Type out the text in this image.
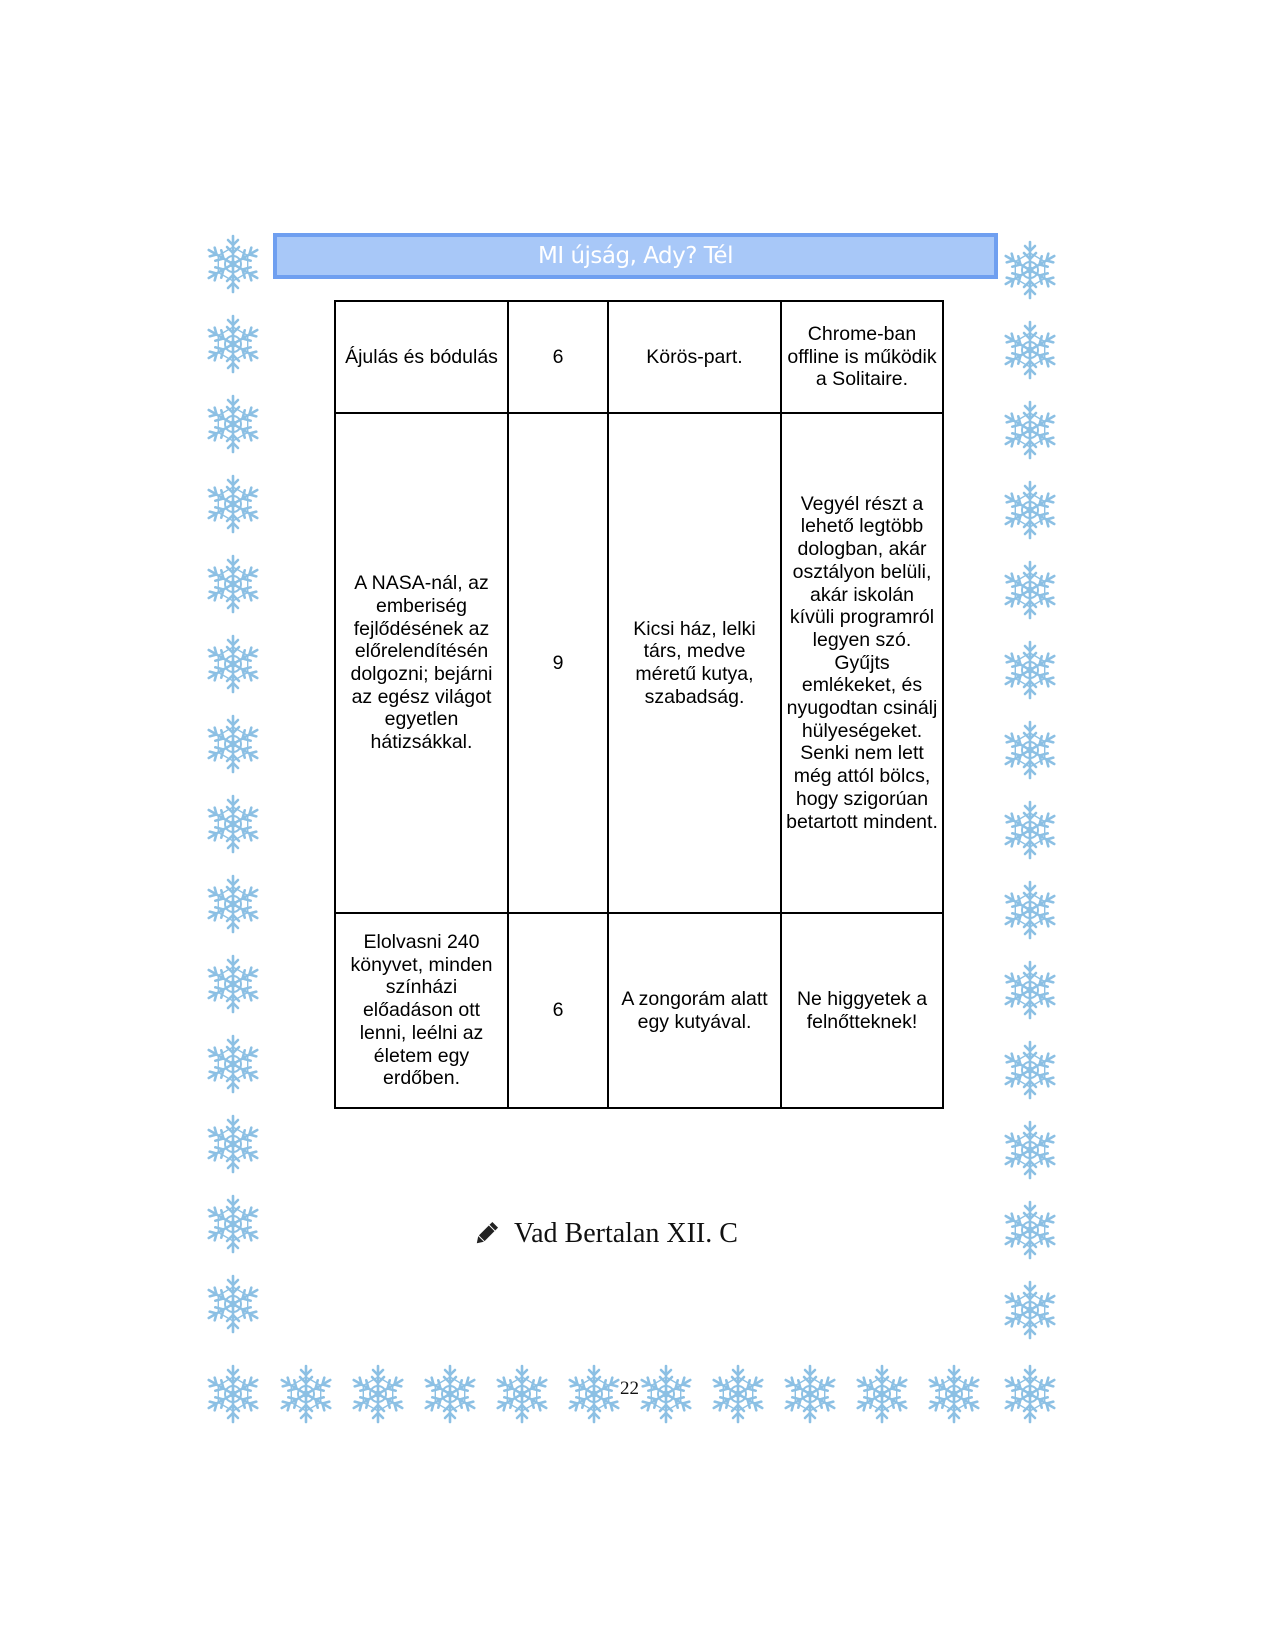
MI újság, Ady? Tél
Ájulás és bódulás	6	Körös-part.	Chrome-ban offline is működik a Solitaire.
A NASA-nál, az emberiség fejlődésének az előrelendítésén dolgozni; bejárni az egész világot egyetlen hátizsákkal.	9	Kicsi ház, lelki társ, medve méretű kutya, szabadság.	Vegyél részt a lehető legtöbb dologban, akár osztályon belüli, akár iskolán kívüli programról legyen szó. Gyűjts emlékeket, és nyugodtan csinálj hülyeségeket. Senki nem lett még attól bölcs, hogy szigorúan betartott mindent.
Elolvasni 240 könyvet, minden színházi előadáson ott lenni, leélni az életem egy erdőben.	6	A zongorám alatt egy kutyával.	Ne higgyetek a felnőtteknek!
Vad Bertalan XII. C
22
